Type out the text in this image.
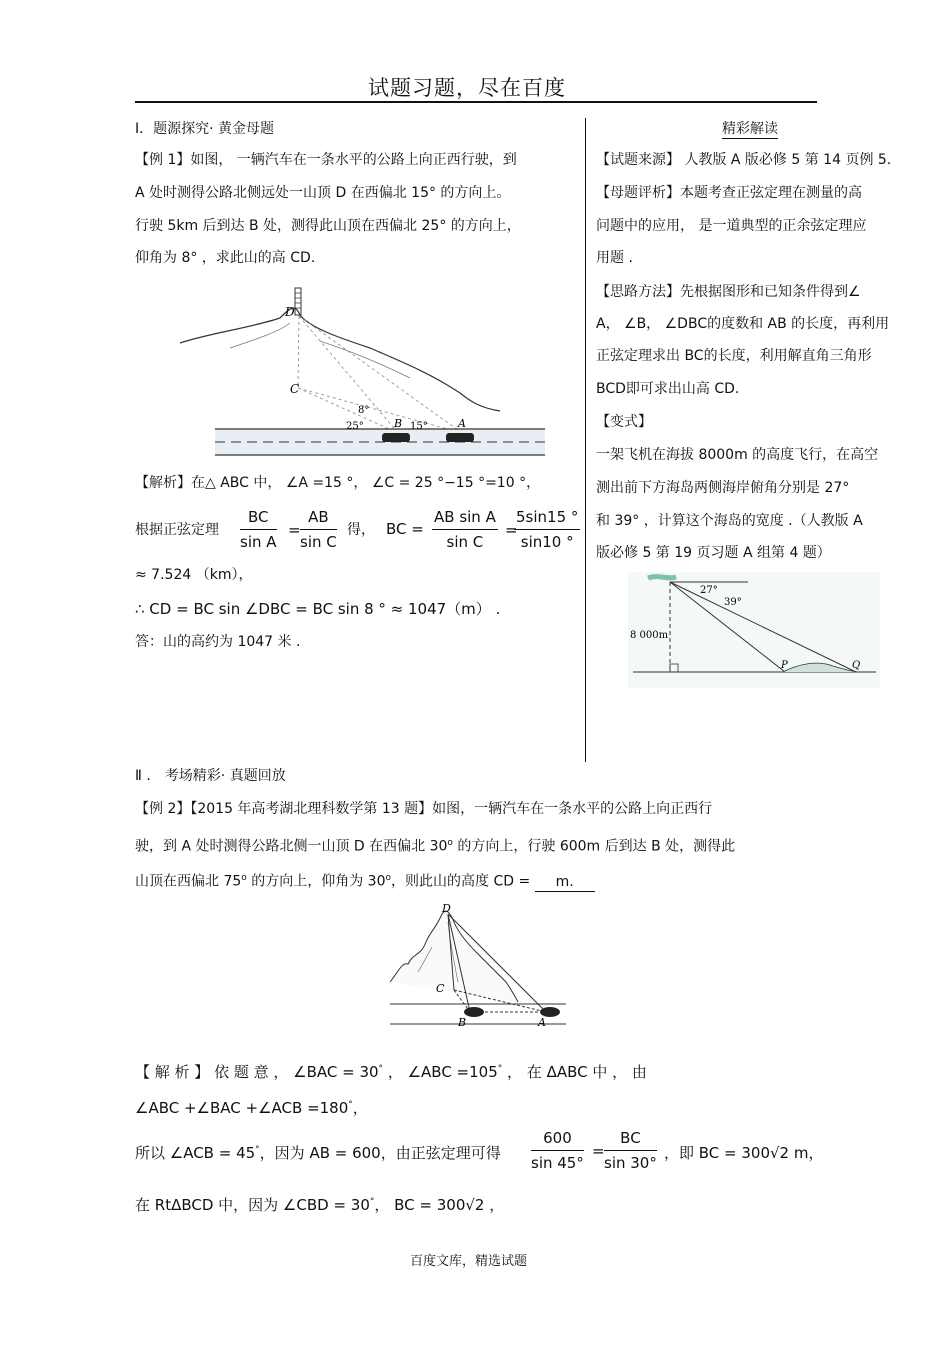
试题习题，尽在百度
Ⅰ．题源探究· 黄金母题
【例 1】如图， 一辆汽车在一条水平的公路上向正西行驶，到
A 处时测得公路北侧远处一山顶 D 在西偏北 15° 的方向上。
行驶 5km 后到达 B 处，测得此山顶在西偏北 25° 的方向上，
仰角为 8° ，求此山的高 CD.
D
C
B	A
8°
25°	15°
【解析】在△ ABC 中， ∠A =15 °， ∠C = 25 °−15 °=10 °，
根据正弦定理 $\frac{BC}{\text{sin A}} = \frac{AB}{\text{sin C}}$ 得， BC = $\frac{\text{AB sin A}}{\text{sin C}}$ =
$\frac{5\sin 15 ^\circ}{\sin 10 ^\circ}$
≈ 7.524 （km），
∴ CD = BC sin ∠DBC = BC sin 8 ° ≈ 1047（m） .
答：山的高约为 1047 米 .
精彩解读
【试题来源】 人教版 A 版必修 5 第 14 页例 5.
【母题评析】本题考查正弦定理在测量的高
问题中的应用， 是一道典型的正余弦定理应
用题 .
【思路方法】先根据图形和已知条件得到∠
A， ∠B， ∠DBC的度数和 AB 的长度，再利用
正弦定理求出 BC的长度，利用解直角三角形
BCD即可求出山高 CD.
【变式】
一架飞机在海拔 8000m 的高度飞行，在高空
测出前下方海岛两侧海岸俯角分别是 27°
和 39° ，计算这个海岛的宽度 .（人教版 A
版必修 5 第 19 页习题 A 组第 4 题）
8 000m
27°
39°
P	Q
Ⅱ ． 考场精彩· 真题回放
【例 2】【2015 年高考湖北理科数学第 13 题】如图，一辆汽车在一条水平的公路上向正西行
驶，到 A 处时测得公路北侧一山顶 D 在西偏北 30$^o$ 的方向上，行驶 600m 后到达 B 处，测得此
山顶在西偏北 75$^o$ 的方向上，仰角为 30$^o$，则此山的高度 CD = m.
D
C
B	A
【 解 析 】 依 题 意 ， ∠BAC = 30° ， ∠ABC =105° ， 在 ΔABC 中 ， 由
∠ABC +∠BAC +∠ACB =180°，
所以 ∠ACB = 45°，因为 AB = 600，由正弦定理可得 $\frac{600}{\sin 45^\circ} = \frac{BC}{\sin 30^\circ}$ ，即 BC = 300√2 m，
在 RtΔBCD 中，因为 ∠CBD = 30°， BC = 300√2 ，
百度文库，精选试题
